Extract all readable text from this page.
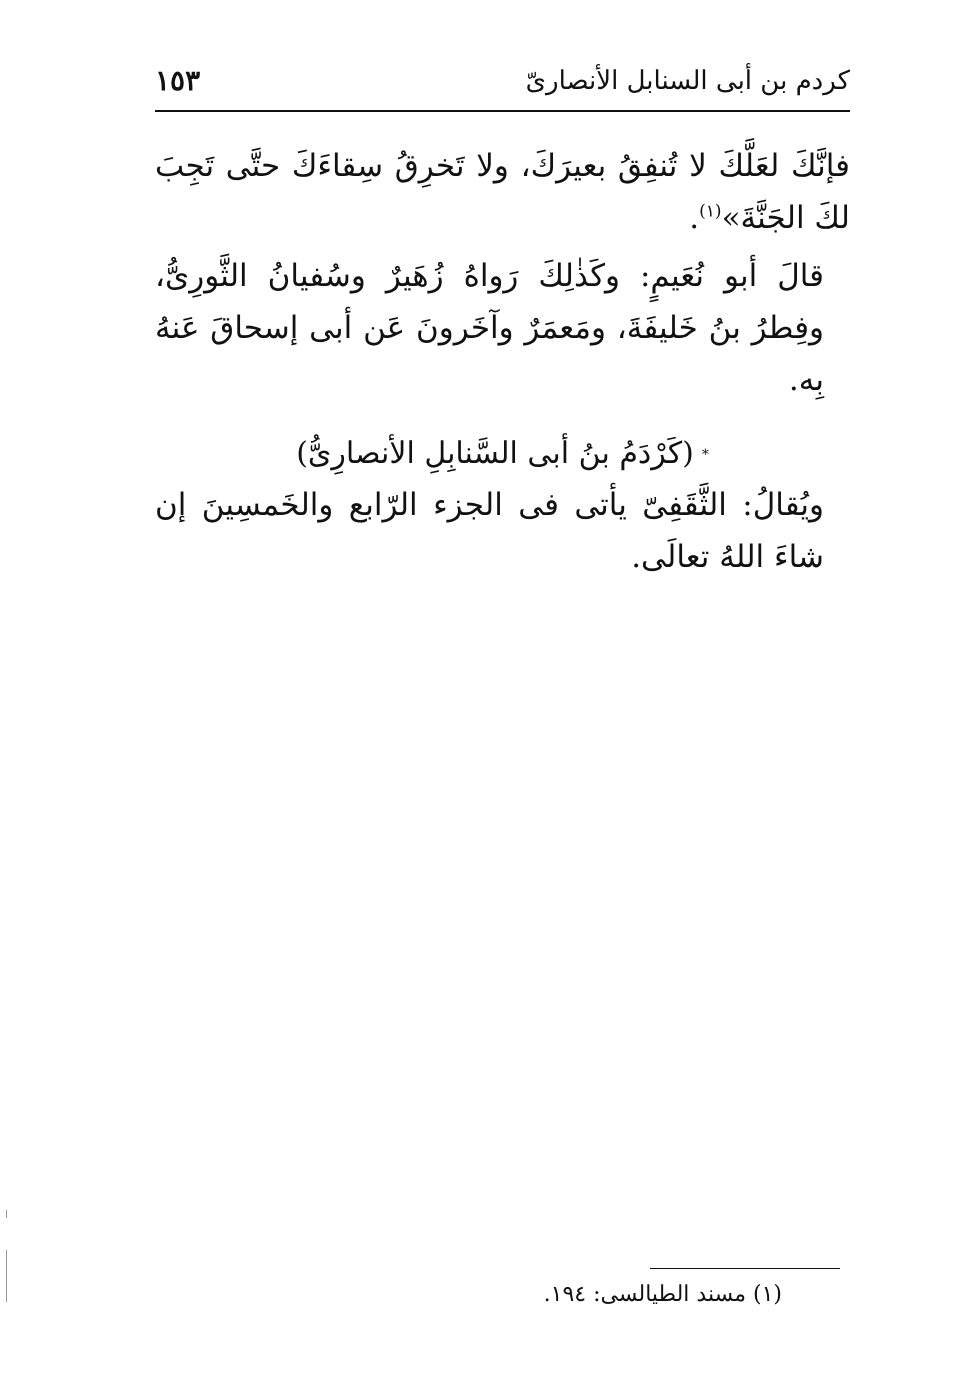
كردم بن أبى السنابل الأنصارىّ
١٥٣

فإنَّكَ لعَلَّكَ لا تُنفِقُ بعيرَكَ، ولا تَخرِقُ سِقاءَكَ حتَّى تَجِبَ لكَ الجَنَّةَ»$^{(١)}$.

قالَ أبو نُعَيمٍ: وكَذٰلِكَ رَواهُ زُهَيرٌ وسُفيانُ الثَّورِىُّ، وفِطرُ بنُ خَليفَةَ، ومَعمَرٌ وآخَرونَ عَن أبى إسحاقَ عَنهُ بِه.

*(كَرْدَمُ بنُ أبى السَّنابِلِ الأنصارِىُّ)

ويُقالُ: الثَّقَفِىّ يأتى فى الجزء الرّابع والخَمسِينَ إن شاءَ اللهُ تعالَى.

(١) مسند الطيالسى: ١٩٤.
